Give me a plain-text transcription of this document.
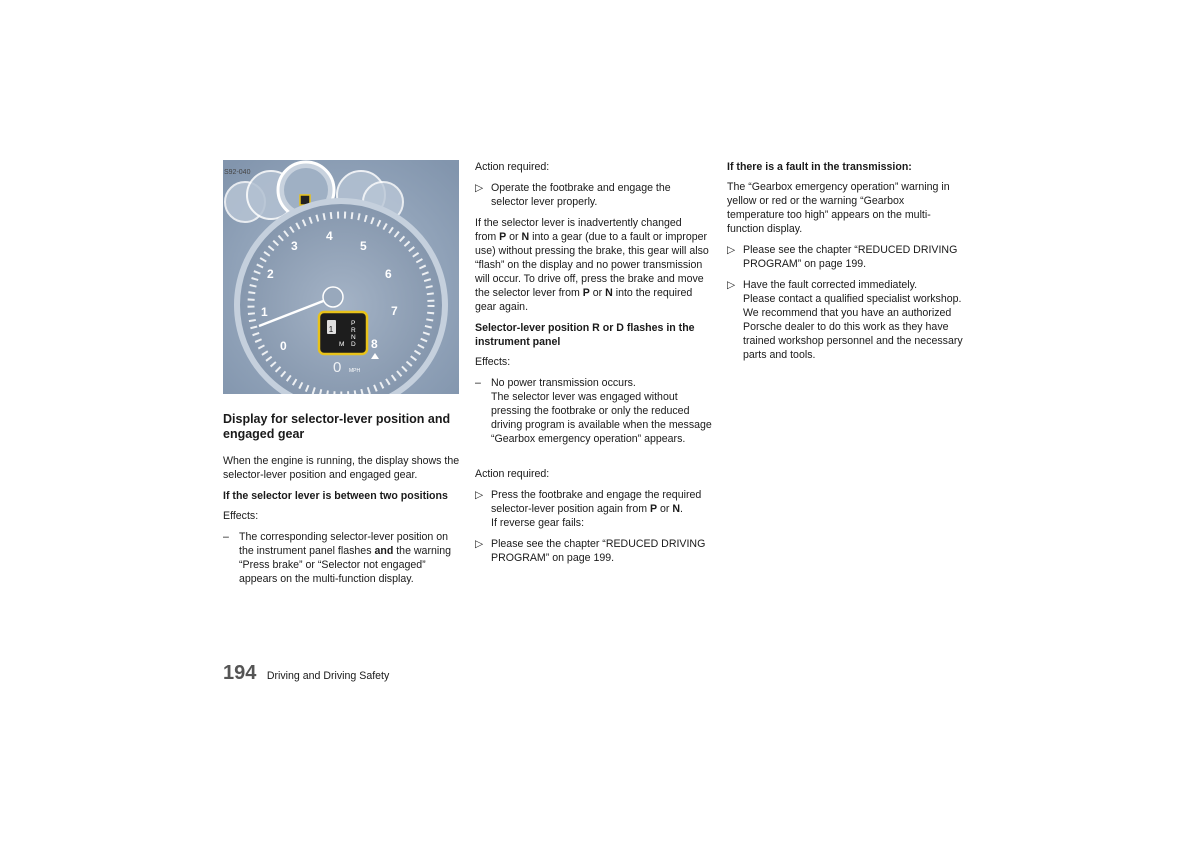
0
1
2
3
4
5
6
7
8
1
P
R
N
D
M
0 MPH
S92-040
Display for selector-lever position and
engaged gear

When the engine is running, the display shows the
selector-lever position and engaged gear.

If the selector lever is between two positions

Effects:

– The corresponding selector-lever position on
the instrument panel flashes and the warning
“Press brake” or “Selector not engaged”
appears on the multi-function display.

Action required:

▷ Operate the footbrake and engage the
selector lever properly.

If the selector lever is inadvertently changed
from P or N into a gear (due to a fault or improper
use) without pressing the brake, this gear will also
“flash” on the display and no power transmission
will occur. To drive off, press the brake and move
the selector lever from P or N into the required
gear again.

Selector-lever position R or D flashes in the
instrument panel

Effects:

– No power transmission occurs.
The selector lever was engaged without
pressing the footbrake or only the reduced
driving program is available when the message
“Gearbox emergency operation” appears.

Action required:

▷ Press the footbrake and engage the required
selector-lever position again from P or N.
If reverse gear fails:
▷ Please see the chapter “REDUCED DRIVING
PROGRAM” on page 199.
If there is a fault in the transmission:

The “Gearbox emergency operation” warning in
yellow or red or the warning “Gearbox
temperature too high” appears on the multi-
function display.

▷ Please see the chapter “REDUCED DRIVING
PROGRAM” on page 199.
▷ Have the fault corrected immediately.
Please contact a qualified specialist workshop.
We recommend that you have an authorized
Porsche dealer to do this work as they have
trained workshop personnel and the necessary
parts and tools.
194 Driving and Driving Safety
